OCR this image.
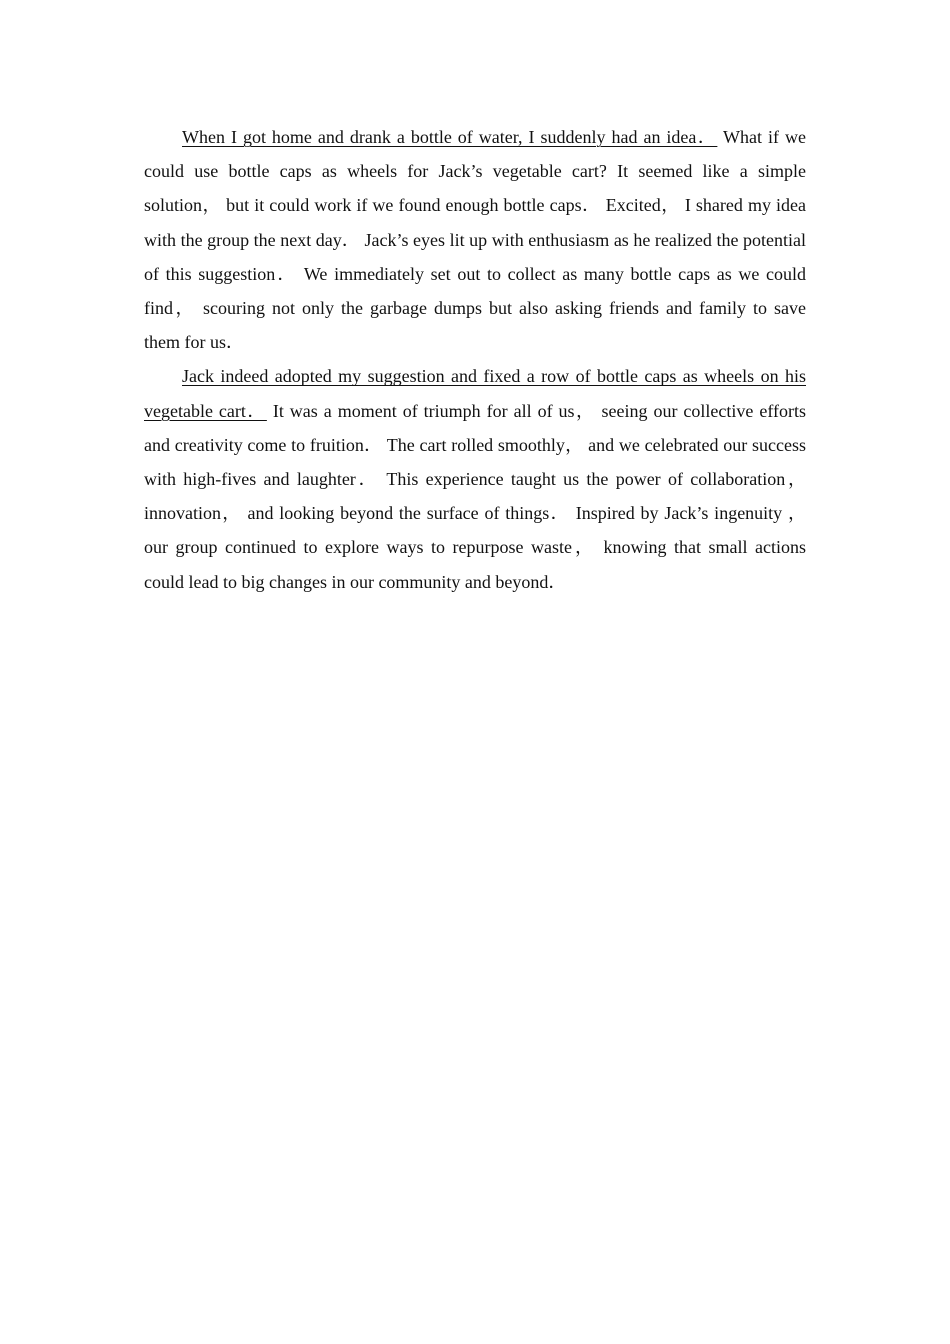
When I got home and drank a bottle of water, I suddenly had an idea． What if we could use bottle caps as wheels for Jack’s vegetable cart? It seemed like a simple solution， but it could work if we found enough bottle caps． Excited， I shared my idea with the group the next day． Jack’s eyes lit up with enthusiasm as he realized the potential of this suggestion． We immediately set out to collect as many bottle caps as we could find， scouring not only the garbage dumps but also asking friends and family to save them for us．

Jack indeed adopted my suggestion and fixed a row of bottle caps as wheels on his vegetable cart． It was a moment of triumph for all of us， seeing our collective efforts and creativity come to fruition． The cart rolled smoothly， and we celebrated our success with high-fives and laughter． This experience taught us the power of collaboration， innovation， and looking beyond the surface of things． Inspired by Jack’s ingenuity ， our group continued to explore ways to repurpose waste， knowing that small actions could lead to big changes in our community and beyond．
